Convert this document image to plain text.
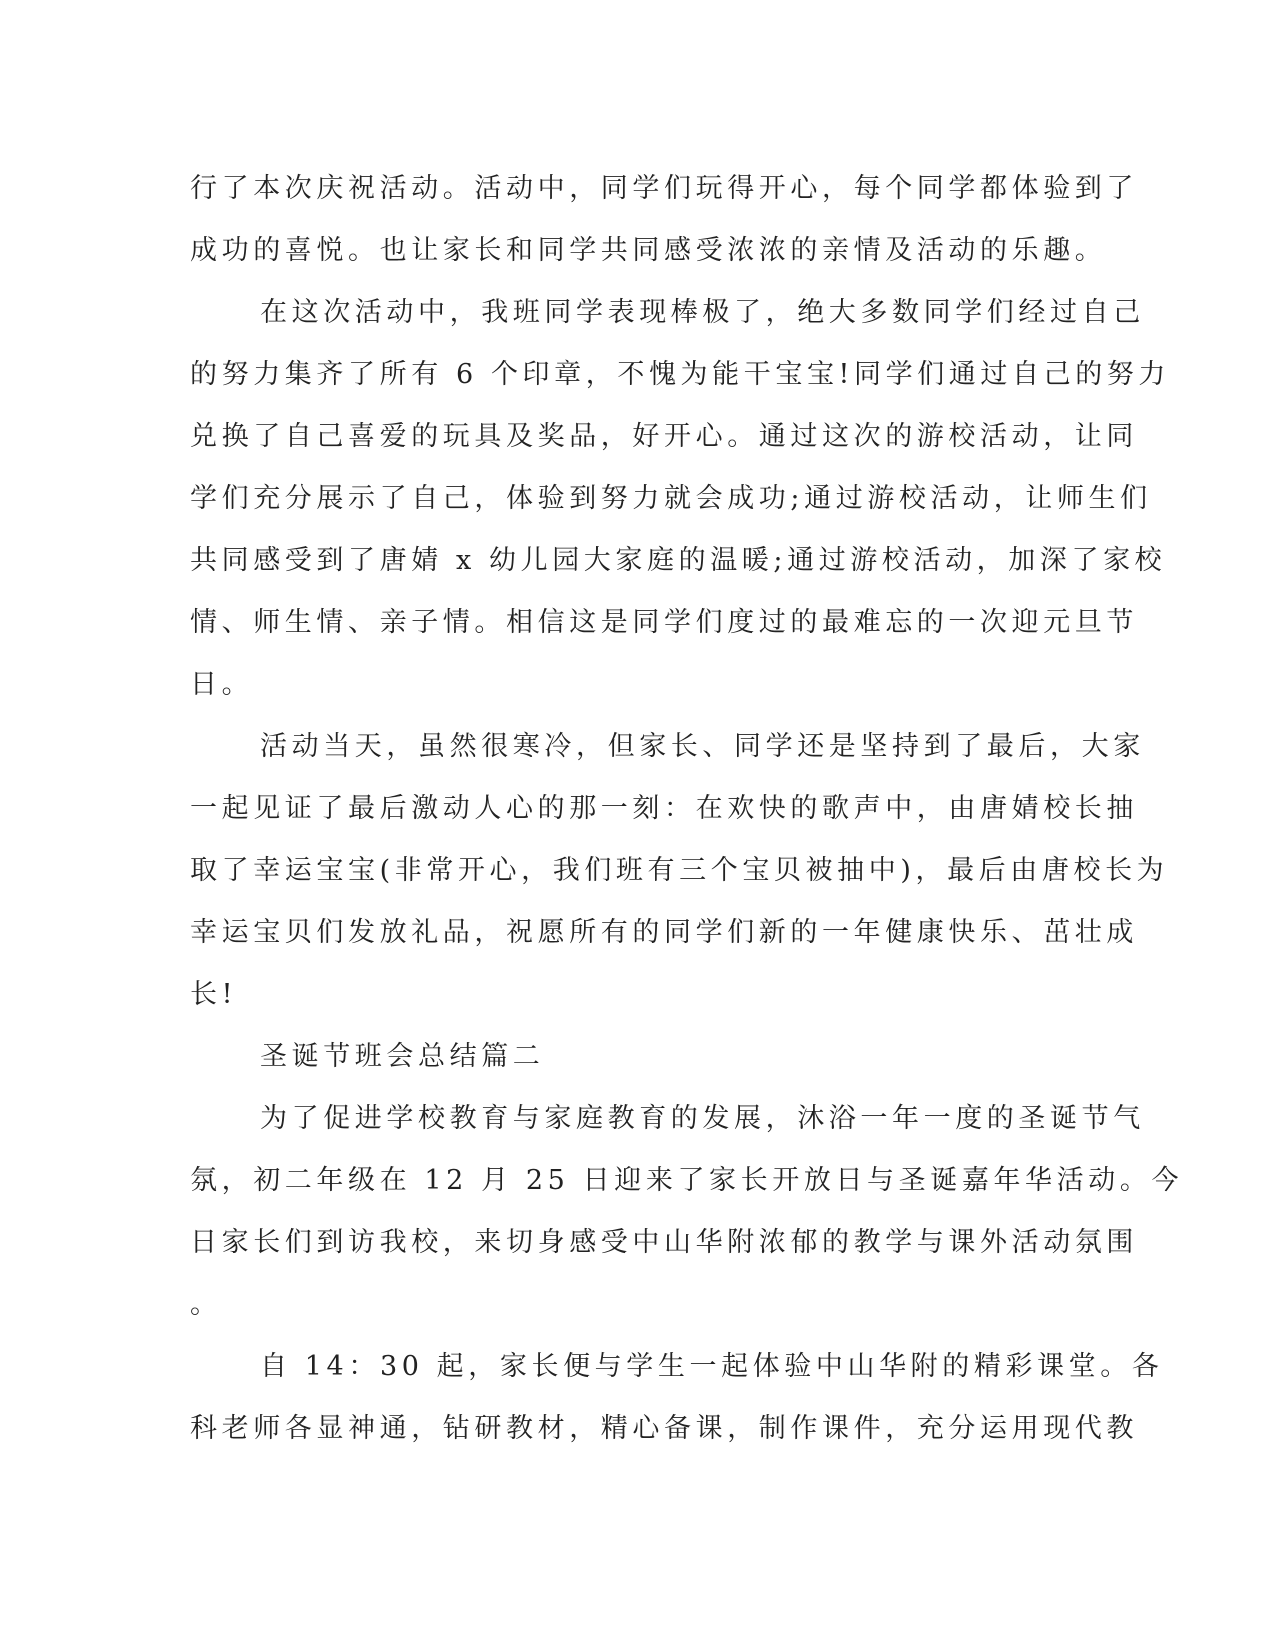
行了本次庆祝活动。活动中，同学们玩得开心，每个同学都体验到了
成功的喜悦。也让家长和同学共同感受浓浓的亲情及活动的乐趣。
在这次活动中，我班同学表现棒极了，绝大多数同学们经过自己
的努力集齐了所有 6 个印章，不愧为能干宝宝!同学们通过自己的努力
兑换了自己喜爱的玩具及奖品，好开心。通过这次的游校活动，让同
学们充分展示了自己，体验到努力就会成功;通过游校活动，让师生们
共同感受到了唐婧 x 幼儿园大家庭的温暖;通过游校活动，加深了家校
情、师生情、亲子情。相信这是同学们度过的最难忘的一次迎元旦节
日。
活动当天，虽然很寒冷，但家长、同学还是坚持到了最后，大家
一起见证了最后激动人心的那一刻：在欢快的歌声中，由唐婧校长抽
取了幸运宝宝(非常开心，我们班有三个宝贝被抽中)，最后由唐校长为
幸运宝贝们发放礼品，祝愿所有的同学们新的一年健康快乐、茁壮成
长!
圣诞节班会总结篇二
为了促进学校教育与家庭教育的发展，沐浴一年一度的圣诞节气
氛，初二年级在 12 月 25 日迎来了家长开放日与圣诞嘉年华活动。今
日家长们到访我校，来切身感受中山华附浓郁的教学与课外活动氛围
。
自 14：30 起，家长便与学生一起体验中山华附的精彩课堂。各
科老师各显神通，钻研教材，精心备课，制作课件，充分运用现代教
